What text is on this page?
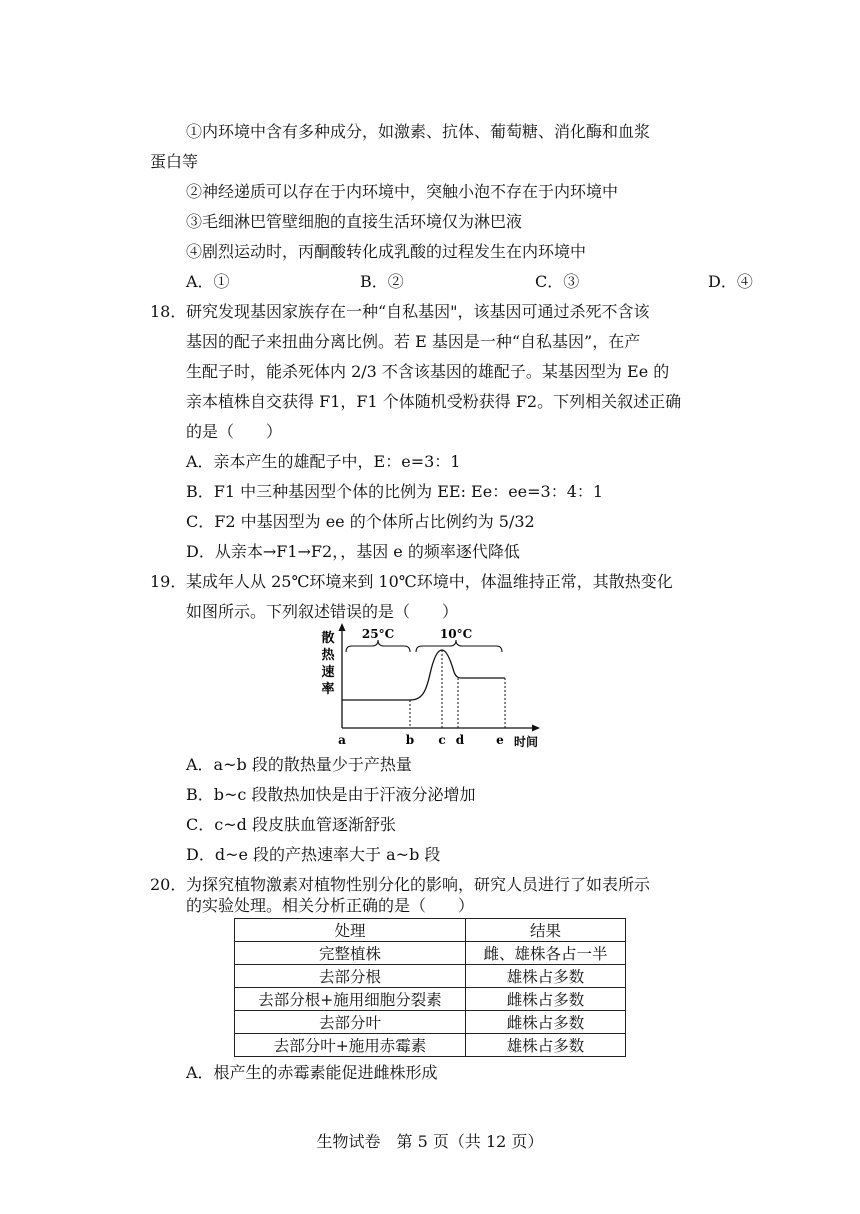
①内环境中含有多种成分，如激素、抗体、葡萄糖、消化酶和血浆
蛋白等
②神经递质可以存在于内环境中，突触小泡不存在于内环境中
③毛细淋巴管壁细胞的直接生活环境仅为淋巴液
④剧烈运动时，丙酮酸转化成乳酸的过程发生在内环境中
A．①	B．②	C．③	D．④
18． 研究发现基因家族存在一种“自私基因"，该基因可通过杀死不含该
基因的配子来扭曲分离比例。若 E 基因是一种“自私基因”，在产
生配子时，能杀死体内 2/3 不含该基因的雄配子。某基因型为 Ee 的
亲本植株自交获得 F1，F1 个体随机受粉获得 F2。下列相关叙述正确
的是（　　）
A．亲本产生的雄配子中，E：e=3：1
B．F1 中三种基因型个体的比例为 EE: Ee：ee=3：4：1
C．F2 中基因型为 ee 的个体所占比例约为 5/32
D．从亲本→F1→F2，，基因 e 的频率逐代降低
19． 某成年人从 25℃环境来到 10℃环境中，体温维持正常，其散热变化
如图所示。下列叙述错误的是（　　）
散
热
速
率
25°C	10°C
a	b c d	e 时间
A．a~b 段的散热量少于产热量
B．b~c 段散热加快是由于汗液分泌增加
C．c~d 段皮肤血管逐渐舒张
D．d~e 段的产热速率大于 a~b 段
20． 为探究植物激素对植物性别分化的影响，研究人员进行了如表所示
的实验处理。相关分析正确的是（　　）
处理	结果
完整植株	雌、雄株各占一半
去部分根	雄株占多数
去部分根+施用细胞分裂素	雌株占多数
去部分叶	雌株占多数
去部分叶+施用赤霉素	雄株占多数
A．根产生的赤霉素能促进雌株形成
生物试卷　第 5 页（共 12 页）
